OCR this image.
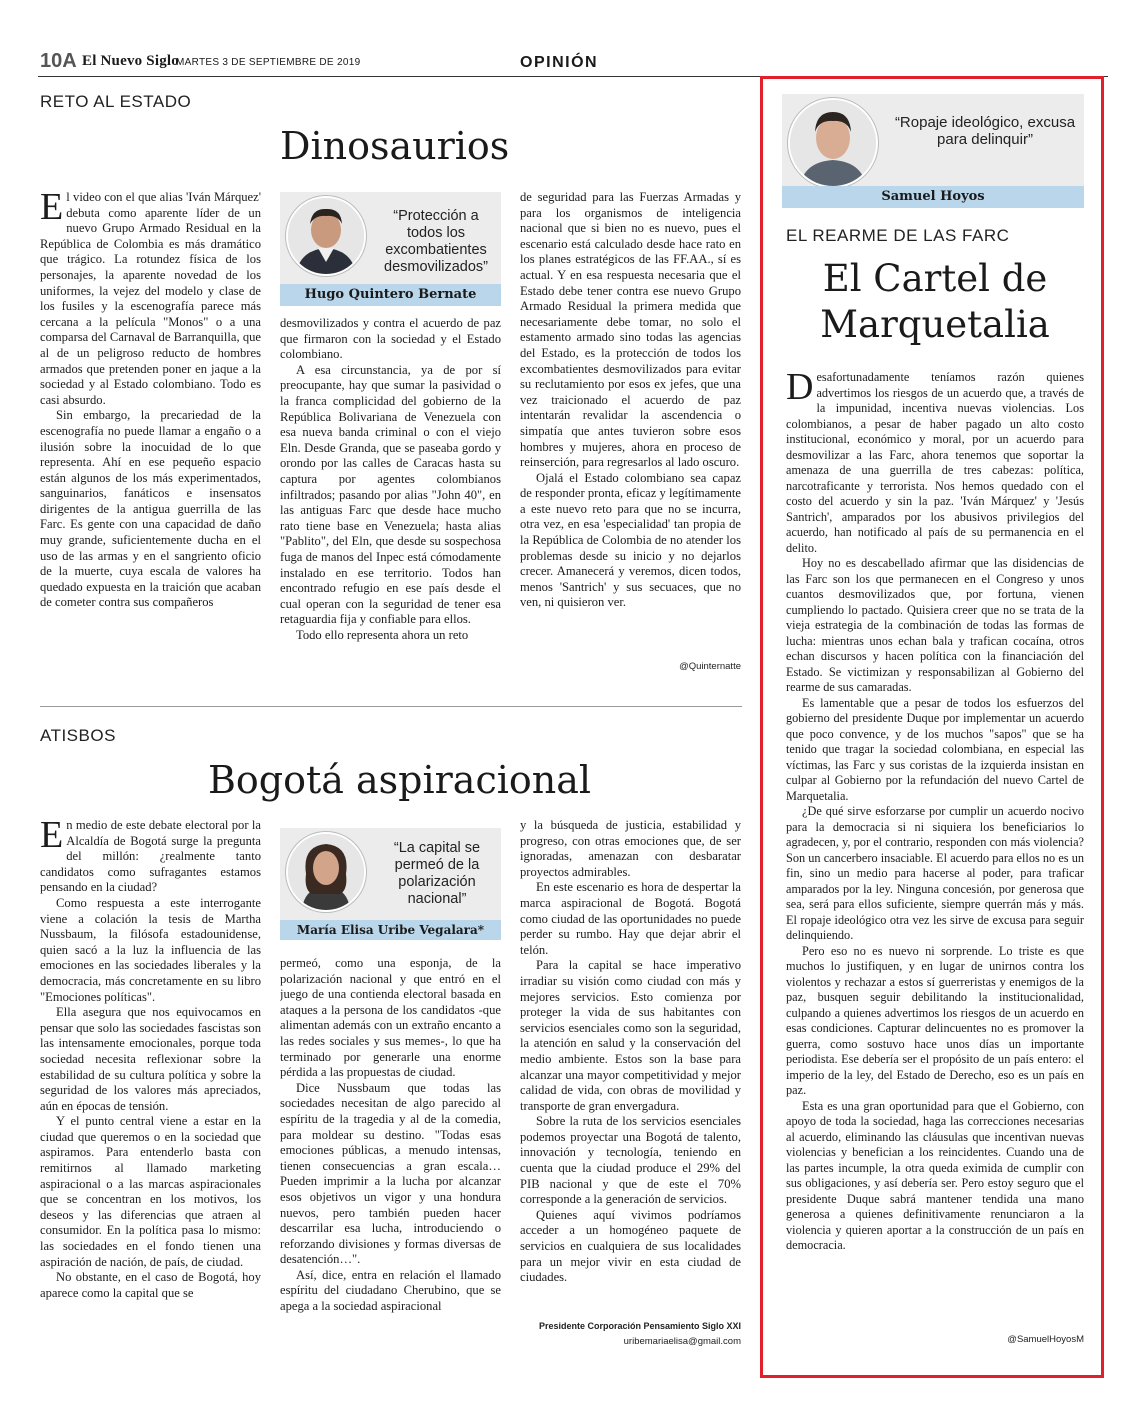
10A El Nuevo Siglo
MARTES 3 DE SEPTIEMBRE DE 2019	OPINIÓN
RETO AL ESTADO
Dinosaurios

El video con el que alias 'Iván Márquez' debuta como aparente líder de un nuevo Grupo Armado Residual en la República de Colombia es más dramático que trágico. La rotundez física de los personajes, la aparente novedad de los uniformes, la vejez del modelo y clase de los fusiles y la escenografía parece más cercana a la película "Monos" o a una comparsa del Carnaval de Barranquilla, que al de un peligroso reducto de hombres armados que pretenden poner en jaque a la sociedad y al Estado colombiano. Todo es casi absurdo.

Sin embargo, la precariedad de la escenografía no puede llamar a engaño o a ilusión sobre la inocuidad de lo que representa. Ahí en ese pequeño espacio están algunos de los más experimentados, sanguinarios, fanáticos e insensatos dirigentes de la antigua guerrilla de las Farc. Es gente con una capacidad de daño muy grande, suficientemente ducha en el uso de las armas y en el sangriento oficio de la muerte, cuya escala de valores ha quedado expuesta en la traición que acaban de cometer contra sus compañeros

“Protección a todos los excombatientes desmovilizados”
Hugo Quintero Bernate

desmovilizados y contra el acuerdo de paz que firmaron con la sociedad y el Estado colombiano.

A esa circunstancia, ya de por sí preocupante, hay que sumar la pasividad o la franca complicidad del gobierno de la República Bolivariana de Venezuela con esa nueva banda criminal o con el viejo Eln. Desde Granda, que se paseaba gordo y orondo por las calles de Caracas hasta su captura por agentes colombianos infiltrados; pasando por alias "John 40", en las antiguas Farc que desde hace mucho rato tiene base en Venezuela; hasta alias "Pablito", del Eln, que desde su sospechosa fuga de manos del Inpec está cómodamente instalado en ese territorio. Todos han encontrado refugio en ese país desde el cual operan con la seguridad de tener esa retaguardia fija y confiable para ellos.

Todo ello representa ahora un reto

de seguridad para las Fuerzas Armadas y para los organismos de inteligencia nacional que si bien no es nuevo, pues el escenario está calculado desde hace rato en los planes estratégicos de las FF.AA., sí es actual. Y en esa respuesta necesaria que el Estado debe tener contra ese nuevo Grupo Armado Residual la primera medida que necesariamente debe tomar, no solo el estamento armado sino todas las agencias del Estado, es la protección de todos los excombatientes desmovilizados para evitar su reclutamiento por esos ex jefes, que una vez traicionado el acuerdo de paz intentarán revalidar la ascendencia o simpatía que antes tuvieron sobre esos hombres y mujeres, ahora en proceso de reinserción, para regresarlos al lado oscuro.

Ojalá el Estado colombiano sea capaz de responder pronta, eficaz y legítimamente a este nuevo reto para que no se incurra, otra vez, en esa 'especialidad' tan propia de la República de Colombia de no atender los problemas desde su inicio y no dejarlos crecer. Amanecerá y veremos, dicen todos, menos 'Santrich' y sus secuaces, que no ven, ni quisieron ver.

@Quinternatte
ATISBOS
Bogotá aspiracional

En medio de este debate electoral por la Alcaldía de Bogotá surge la pregunta del millón: ¿realmente tanto candidatos como sufragantes estamos pensando en la ciudad?

Como respuesta a este interrogante viene a colación la tesis de Martha Nussbaum, la filósofa estadounidense, quien sacó a la luz la influencia de las emociones en las sociedades liberales y la democracia, más concretamente en su libro "Emociones políticas".

Ella asegura que nos equivocamos en pensar que solo las sociedades fascistas son las intensamente emocionales, porque toda sociedad necesita reflexionar sobre la estabilidad de su cultura política y sobre la seguridad de los valores más apreciados, aún en épocas de tensión.

Y el punto central viene a estar en la ciudad que queremos o en la sociedad que aspiramos. Para entenderlo basta con remitirnos al llamado marketing aspiracional o a las marcas aspiracionales que se concentran en los motivos, los deseos y las diferencias que atraen al consumidor. En la política pasa lo mismo: las sociedades en el fondo tienen una aspiración de nación, de país, de ciudad.

No obstante, en el caso de Bogotá, hoy aparece como la capital que se

“La capital se permeó de la polarización nacional”
María Elisa Uribe Vegalara*

permeó, como una esponja, de la polarización nacional y que entró en el juego de una contienda electoral basada en ataques a la persona de los candidatos -que alimentan además con un extraño encanto a las redes sociales y sus memes-, lo que ha terminado por generarle una enorme pérdida a las propuestas de ciudad.

Dice Nussbaum que todas las sociedades necesitan de algo parecido al espíritu de la tragedia y al de la comedia, para moldear su destino. "Todas esas emociones públicas, a menudo intensas, tienen consecuencias a gran escala… Pueden imprimir a la lucha por alcanzar esos objetivos un vigor y una hondura nuevos, pero también pueden hacer descarrilar esa lucha, introduciendo o reforzando divisiones y formas diversas de desatención…".

Así, dice, entra en relación el llamado espíritu del ciudadano Cherubino, que se apega a la sociedad aspiracional

y la búsqueda de justicia, estabilidad y progreso, con otras emociones que, de ser ignoradas, amenazan con desbaratar proyectos admirables.

En este escenario es hora de despertar la marca aspiracional de Bogotá. Bogotá como ciudad de las oportunidades no puede perder su rumbo. Hay que dejar abrir el telón.

Para la capital se hace imperativo irradiar su visión como ciudad con más y mejores servicios. Esto comienza por proteger la vida de sus habitantes con servicios esenciales como son la seguridad, la atención en salud y la conservación del medio ambiente. Estos son la base para alcanzar una mayor competitividad y mejor calidad de vida, con obras de movilidad y transporte de gran envergadura.

Sobre la ruta de los servicios esenciales podemos proyectar una Bogotá de talento, innovación y tecnología, teniendo en cuenta que la ciudad produce el 29% del PIB nacional y que de este el 70% corresponde a la generación de servicios.

Quienes aquí vivimos podríamos acceder a un homogéneo paquete de servicios en cualquiera de sus localidades para un mejor vivir en esta ciudad de ciudades.

Presidente Corporación Pensamiento Siglo XXI
uribemariaelisa@gmail.com
“Ropaje ideológico, excusa para delinquir”
Samuel Hoyos
EL REARME DE LAS FARC
El Cartel de
Marquetalia

Desafortunadamente teníamos razón quienes advertimos los riesgos de un acuerdo que, a través de la impunidad, incentiva nuevas violencias. Los colombianos, a pesar de haber pagado un alto costo institucional, económico y moral, por un acuerdo para desmovilizar a las Farc, ahora tenemos que soportar la amenaza de una guerrilla de tres cabezas: política, narcotraficante y terrorista. Nos hemos quedado con el costo del acuerdo y sin la paz. 'Iván Márquez' y 'Jesús Santrich', amparados por los abusivos privilegios del acuerdo, han notificado al país de su permanencia en el delito.

Hoy no es descabellado afirmar que las disidencias de las Farc son los que permanecen en el Congreso y unos cuantos desmovilizados que, por fortuna, vienen cumpliendo lo pactado. Quisiera creer que no se trata de la vieja estrategia de la combinación de todas las formas de lucha: mientras unos echan bala y trafican cocaína, otros echan discursos y hacen política con la financiación del Estado. Se victimizan y responsabilizan al Gobierno del rearme de sus camaradas.

Es lamentable que a pesar de todos los esfuerzos del gobierno del presidente Duque por implementar un acuerdo que poco convence, y de los muchos "sapos" que se ha tenido que tragar la sociedad colombiana, en especial las víctimas, las Farc y sus coristas de la izquierda insistan en culpar al Gobierno por la refundación del nuevo Cartel de Marquetalia.

¿De qué sirve esforzarse por cumplir un acuerdo nocivo para la democracia si ni siquiera los beneficiarios lo agradecen, y, por el contrario, responden con más violencia? Son un cancerbero insaciable. El acuerdo para ellos no es un fin, sino un medio para hacerse al poder, para traficar amparados por la ley. Ninguna concesión, por generosa que sea, será para ellos suficiente, siempre querrán más y más. El ropaje ideológico otra vez les sirve de excusa para seguir delinquiendo.

Pero eso no es nuevo ni sorprende. Lo triste es que muchos lo justifiquen, y en lugar de unirnos contra los violentos y rechazar a estos sí guerreristas y enemigos de la paz, busquen seguir debilitando la institucionalidad, culpando a quienes advertimos los riesgos de un acuerdo en esas condiciones. Capturar delincuentes no es promover la guerra, como sostuvo hace unos días un importante periodista. Ese debería ser el propósito de un país entero: el imperio de la ley, del Estado de Derecho, eso es un país en paz.

Esta es una gran oportunidad para que el Gobierno, con apoyo de toda la sociedad, haga las correcciones necesarias al acuerdo, eliminando las cláusulas que incentivan nuevas violencias y benefician a los reincidentes. Cuando una de las partes incumple, la otra queda eximida de cumplir con sus obligaciones, y así debería ser. Pero estoy seguro que el presidente Duque sabrá mantener tendida una mano generosa a quienes definitivamente renunciaron a la violencia y quieren aportar a la construcción de un país en democracia.

@SamuelHoyosM
